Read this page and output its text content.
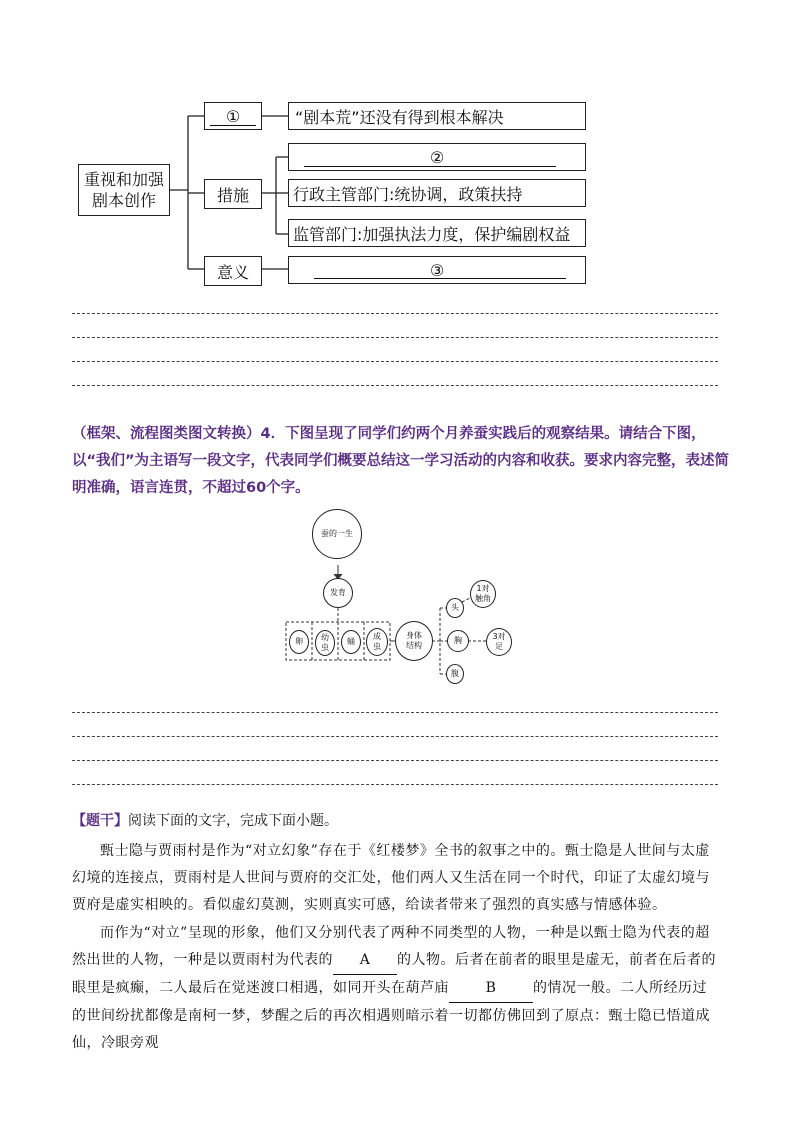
重视和加强
剧本创作
①	“剧本荒”还没有得到根本解决
措施
②
行政主管部门:统协调，政策扶持
监管部门:加强执法力度，保护编剧权益
意义	③
（框架、流程图类图文转换）4．下图呈现了同学们约两个月养蚕实践后的观察结果。请结合下图，以“我们”为主语写一段文字，代表同学们概要总结这一学习活动的内容和收获。要求内容完整，表述简明准确，语言连贯，不超过60个字。
蚕的一生
发育
卵	幼
虫
蛹
成
虫
身体
结构
头
胸
腹
1对
触角
3对
足
【题干】阅读下面的文字，完成下面小题。
甄士隐与贾雨村是作为“对立幻象”存在于《红楼梦》全书的叙事之中的。甄士隐是人世间与太虚幻境的连接点，贾雨村是人世间与贾府的交汇处，他们两人又生活在同一个时代，印证了太虚幻境与贾府是虚实相映的。看似虚幻莫测，实则真实可感，给读者带来了强烈的真实感与情感体验。
而作为“对立”呈现的形象，他们又分别代表了两种不同类型的人物，一种是以甄士隐为代表的超然出世的人物，一种是以贾雨村为代表的 A 的人物。后者在前者的眼里是虚无，前者在后者的眼里是疯癫，二人最后在觉迷渡口相遇，如同开头在葫芦庙	B	的情况一般。二人所经历过的世间纷扰都像是南柯一梦，梦醒之后的再次相遇则暗示着一切都仿佛回到了原点：甄士隐已悟道成仙，冷眼旁观
